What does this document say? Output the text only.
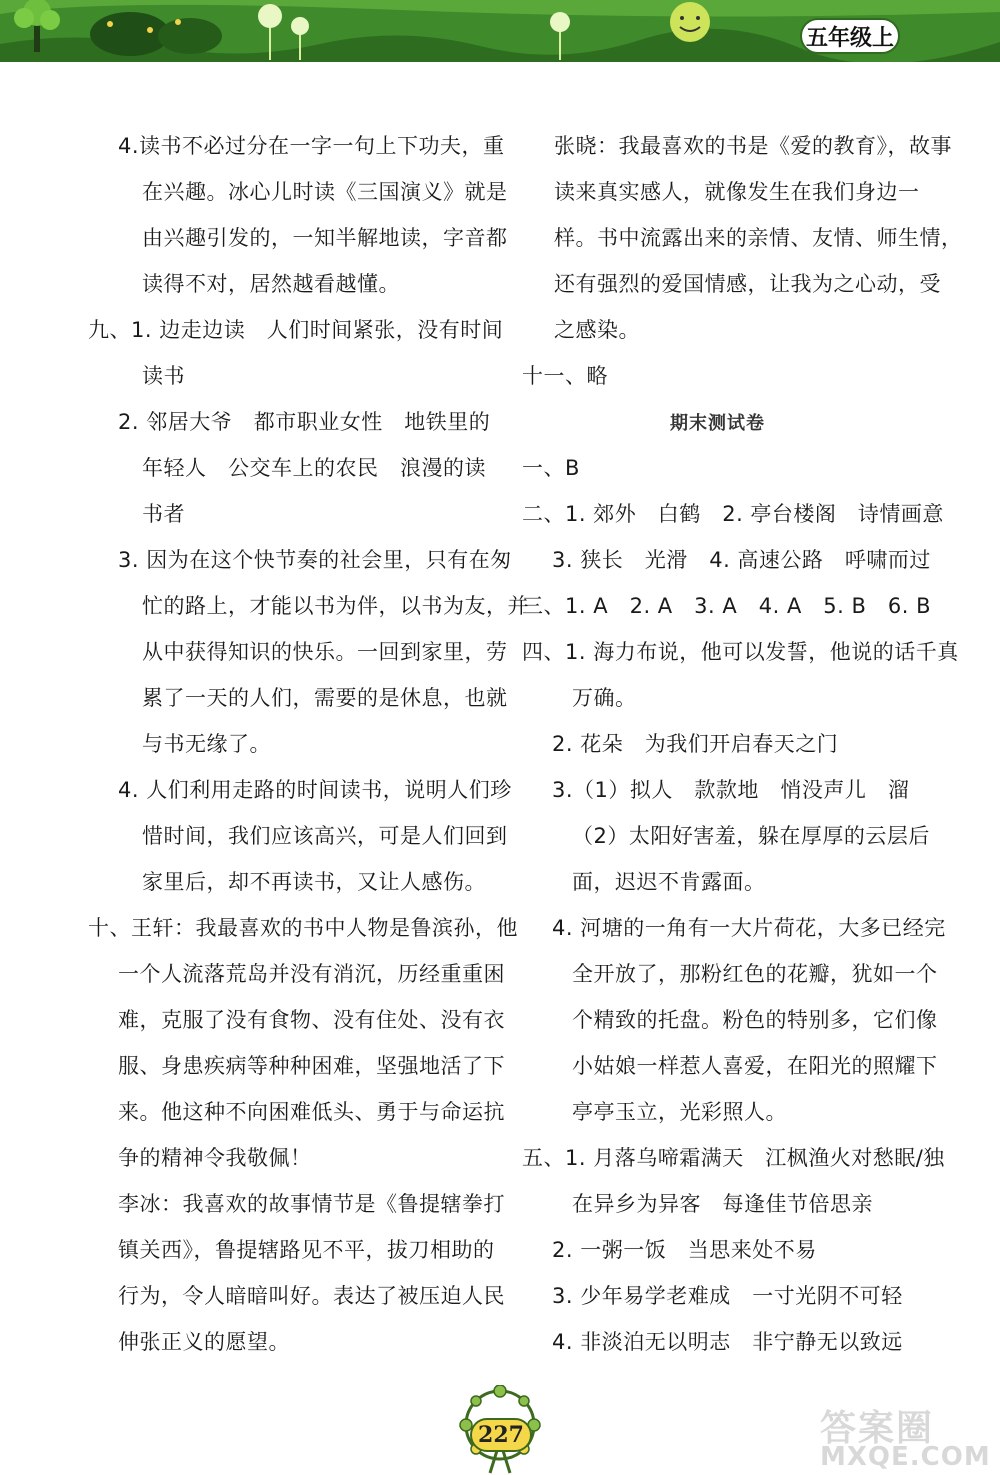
五年级上
4.读书不必过分在一字一句上下功夫，重
在兴趣。冰心儿时读《三国演义》就是
由兴趣引发的，一知半解地读，字音都
读得不对，居然越看越懂。
九、1. 边走边读　人们时间紧张，没有时间
读书
2. 邻居大爷　都市职业女性　地铁里的
年轻人　公交车上的农民　浪漫的读
书者
3. 因为在这个快节奏的社会里，只有在匆
忙的路上，才能以书为伴，以书为友，并
从中获得知识的快乐。一回到家里，劳
累了一天的人们，需要的是休息，也就
与书无缘了。
4. 人们利用走路的时间读书，说明人们珍
惜时间，我们应该高兴，可是人们回到
家里后，却不再读书，又让人感伤。
十、王轩：我最喜欢的书中人物是鲁滨孙，他
一个人流落荒岛并没有消沉，历经重重困
难，克服了没有食物、没有住处、没有衣
服、身患疾病等种种困难，坚强地活了下
来。他这种不向困难低头、勇于与命运抗
争的精神令我敬佩！
李冰：我喜欢的故事情节是《鲁提辖拳打
镇关西》，鲁提辖路见不平，拔刀相助的
行为，令人暗暗叫好。表达了被压迫人民
伸张正义的愿望。
张晓：我最喜欢的书是《爱的教育》，故事
读来真实感人，就像发生在我们身边一
样。书中流露出来的亲情、友情、师生情，
还有强烈的爱国情感，让我为之心动，受
之感染。
十一、略
期末测试卷
一、B
二、1. 郊外　白鹤　2. 亭台楼阁　诗情画意
3. 狭长　光滑　4. 高速公路　呼啸而过
三、1. A　2. A　3. A　4. A　5. B　6. B
四、1. 海力布说，他可以发誓，他说的话千真
万确。
2. 花朵　为我们开启春天之门
3.（1）拟人　款款地　悄没声儿　溜
（2）太阳好害羞，躲在厚厚的云层后
面，迟迟不肯露面。
4. 河塘的一角有一大片荷花，大多已经完
全开放了，那粉红色的花瓣，犹如一个
个精致的托盘。粉色的特别多，它们像
小姑娘一样惹人喜爱，在阳光的照耀下
亭亭玉立，光彩照人。
五、1. 月落乌啼霜满天　江枫渔火对愁眠/独
在异乡为异客　每逢佳节倍思亲
2. 一粥一饭　当思来处不易
3. 少年易学老难成　一寸光阴不可轻
4. 非淡泊无以明志　非宁静无以致远
227	答案圈
MXQE.COM
